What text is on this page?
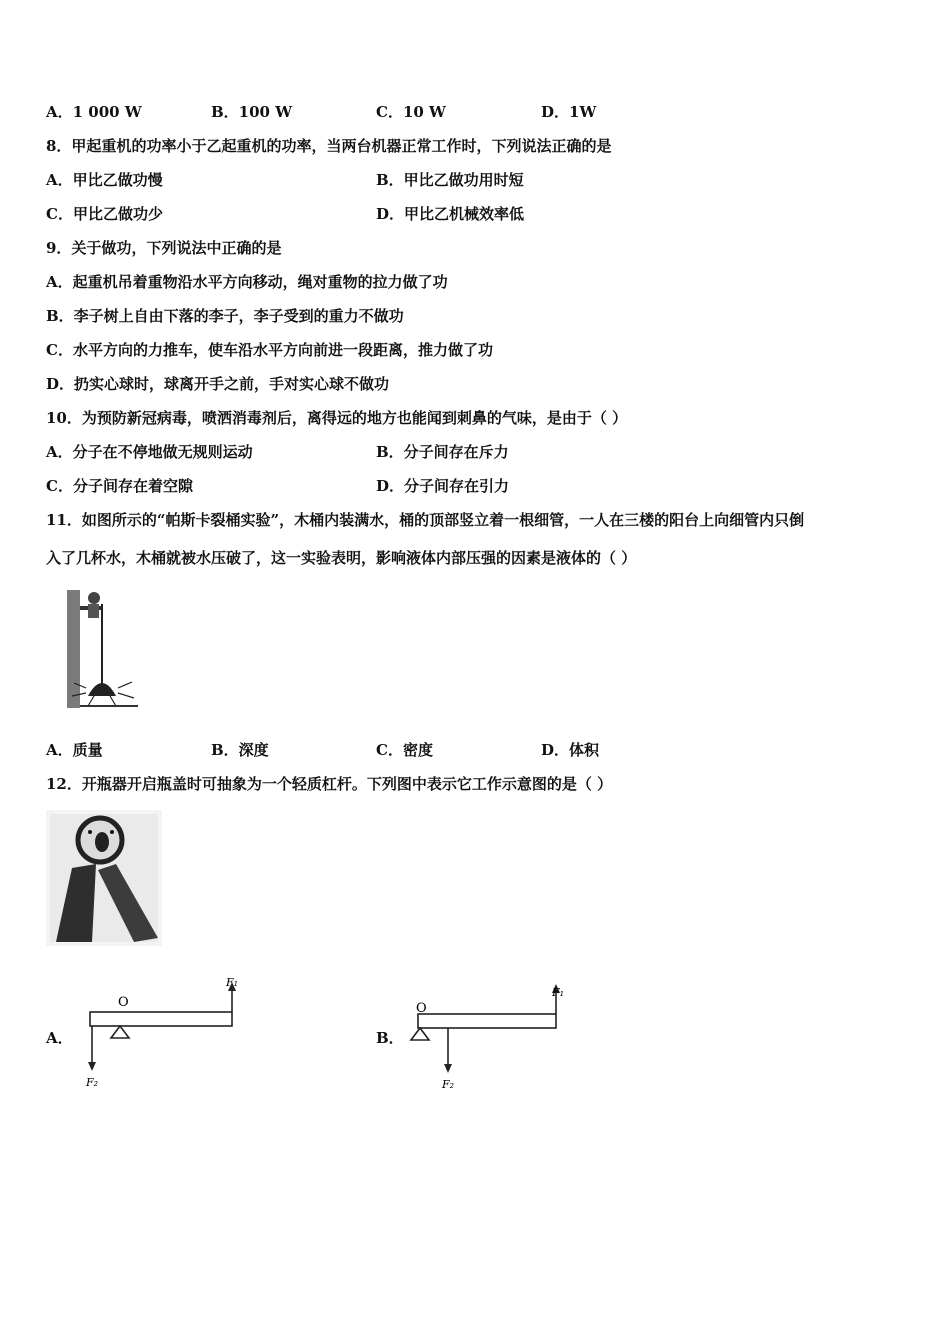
A．1 000 W	B．100 W	C．10 W	D．1W
8．甲起重机的功率小于乙起重机的功率，当两台机器正常工作时，下列说法正确的是
A．甲比乙做功慢	B．甲比乙做功用时短
C．甲比乙做功少	D．甲比乙机械效率低
9．关于做功，下列说法中正确的是
A．起重机吊着重物沿水平方向移动，绳对重物的拉力做了功
B．李子树上自由下落的李子，李子受到的重力不做功
C．水平方向的力推车，使车沿水平方向前进一段距离，推力做了功
D．扔实心球时，球离开手之前，手对实心球不做功
10．为预防新冠病毒，喷洒消毒剂后，离得远的地方也能闻到刺鼻的气味，是由于（ ）
A．分子在不停地做无规则运动	B．分子间存在斥力
C．分子间存在着空隙	D．分子间存在引力
11．如图所示的“帕斯卡裂桶实验”，木桶内装满水，桶的顶部竖立着一根细管，一人在三楼的阳台上向细管内只倒
入了几杯水，木桶就被水压破了，这一实验表明，影响液体内部压强的因素是液体的（ ）
A．质量	B．深度	C．密度	D．体积
12．开瓶器开启瓶盖时可抽象为一个轻质杠杆。下列图中表示它工作示意图的是（ ）
A．
O
F₁
F₂
B．
O
F₁
F₂
